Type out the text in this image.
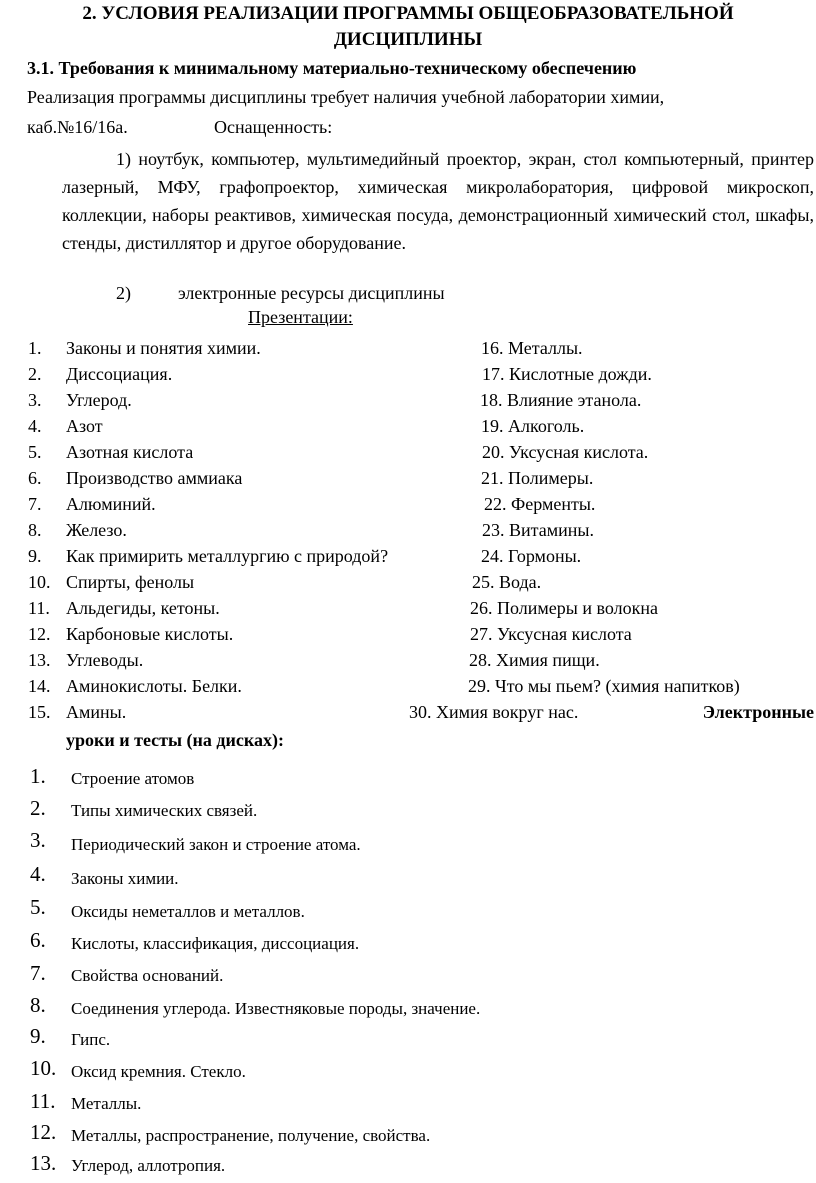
2. УСЛОВИЯ РЕАЛИЗАЦИИ ПРОГРАММЫ ОБЩЕОБРАЗОВАТЕЛЬНОЙ
ДИСЦИПЛИНЫ
3.1. Требования к минимальному материально-техническому обеспечению
Реализация программы дисциплины требует наличия учебной лаборатории химии,
каб.№16/16а.	Оснащенность:
1) ноутбук, компьютер, мультимедийный проектор, экран, стол компьютерный, принтер лазерный, МФУ, графопроектор, химическая микролаборатория, цифровой микроскоп, коллекции, наборы реактивов, химическая посуда, демонстрационный химический стол, шкафы, стенды, дистиллятор и другое оборудование.
2)	электронные ресурсы дисциплины
Презентации:
1. Законы и понятия химии.
2. Диссоциация.
3. Углерод.
4. Азот
5. Азотная кислота
6. Производство аммиака
7. Алюминий.
8. Железо.
9. Как примирить металлургию с природой?
10. Спирты, фенолы
11. Альдегиды, кетоны.
12. Карбоновые кислоты.
13. Углеводы.
14. Аминокислоты. Белки.
15. Амины.
16. Металлы.
17. Кислотные дожди.
18. Влияние этанола.
19. Алкоголь.
20. Уксусная кислота.
21. Полимеры.
22. Ферменты.
23. Витамины.
24. Гормоны.
25. Вода.
26. Полимеры и волокна
27. Уксусная кислота
28. Химия пищи.
29. Что мы пьем? (химия напитков)
30. Химия вокруг нас.	Электронные
уроки и тесты (на дисках):
1. Строение атомов
2. Типы химических связей.
3. Периодический закон и строение атома.
4. Законы химии.
5. Оксиды неметаллов и металлов.
6. Кислоты, классификация, диссоциация.
7. Свойства оснований.
8. Соединения углерода. Известняковые породы, значение.
9. Гипс.
10. Оксид кремния. Стекло.
11. Металлы.
12. Металлы, распространение, получение, свойства.
13. Углерод, аллотропия.
